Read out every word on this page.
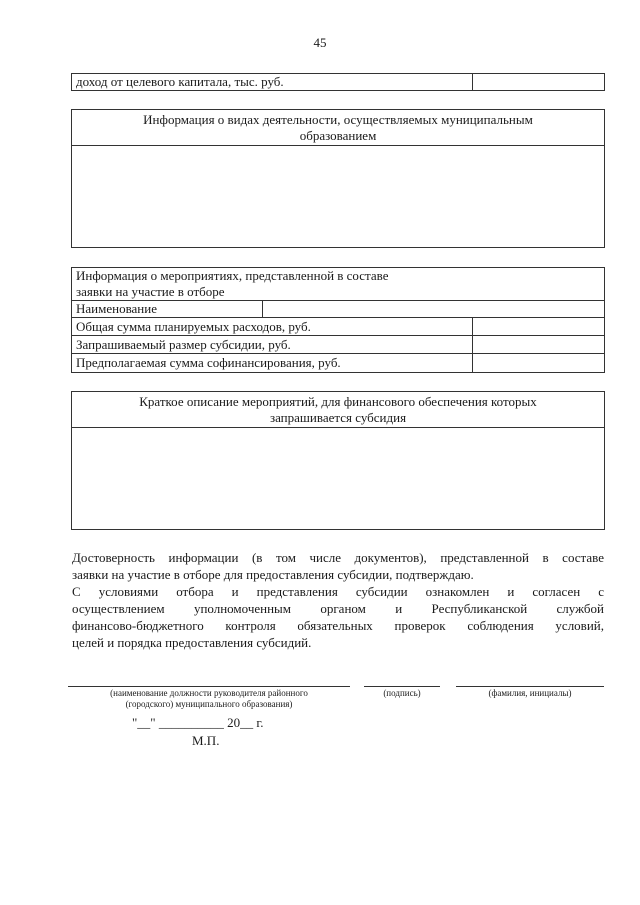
45
доход от целевого капитала, тыс. руб.
Информация о видах деятельности, осуществляемых муниципальным
образованием
Информация о мероприятиях, представленной в составе
заявки на участие в отборе
Наименование
Общая сумма планируемых расходов, руб.
Запрашиваемый размер субсидии, руб.
Предполагаемая сумма софинансирования, руб.
Краткое описание мероприятий, для финансового обеспечения которых
запрашивается субсидия
Достоверность информации (в том числе документов), представленной в составе
заявки на участие в отборе для предоставления субсидии, подтверждаю.
С условиями отбора и представления субсидии ознакомлен и согласен с
осуществлением уполномоченным органом и Республиканской службой
финансово-бюджетного контроля обязательных проверок соблюдения условий,
целей и порядка предоставления субсидий.
(наименование должности руководителя районного
(городского) муниципального образования)
(подпись)	(фамилия, инициалы)
"__" __________ 20__ г.
М.П.
